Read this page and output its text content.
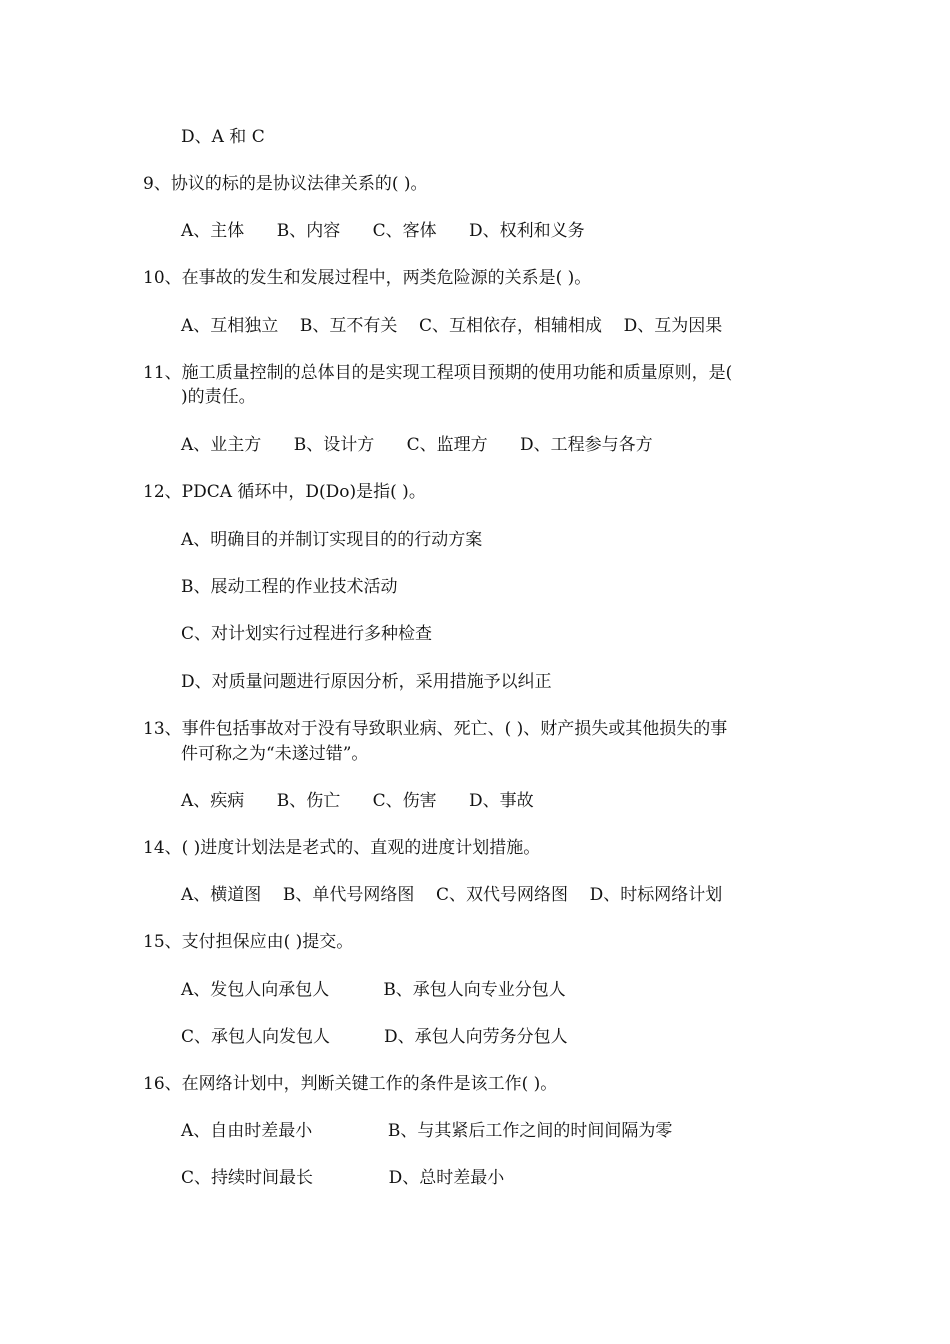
D、A 和 C
9、协议的标的是协议法律关系的( )。
A、主体      B、内容      C、客体      D、权利和义务
10、在事故的发生和发展过程中，两类危险源的关系是( )。
A、互相独立    B、互不有关    C、互相依存，相辅相成    D、互为因果
11、施工质量控制的总体目的是实现工程项目预期的使用功能和质量原则，是(
)的责任。
A、业主方      B、设计方      C、监理方      D、工程参与各方
12、PDCA 循环中，D(Do)是指( )。
A、明确目的并制订实现目的的行动方案
B、展动工程的作业技术活动
C、对计划实行过程进行多种检查
D、对质量问题进行原因分析，采用措施予以纠正
13、事件包括事故对于没有导致职业病、死亡、( )、财产损失或其他损失的事
件可称之为“未遂过错”。
A、疾病      B、伤亡      C、伤害      D、事故
14、( )进度计划法是老式的、直观的进度计划措施。
A、横道图    B、单代号网络图    C、双代号网络图    D、时标网络计划
15、支付担保应由( )提交。
A、发包人向承包人          B、承包人向专业分包人
C、承包人向发包人          D、承包人向劳务分包人
16、在网络计划中，判断关键工作的条件是该工作( )。
A、自由时差最小              B、与其紧后工作之间的时间间隔为零
C、持续时间最长              D、总时差最小
